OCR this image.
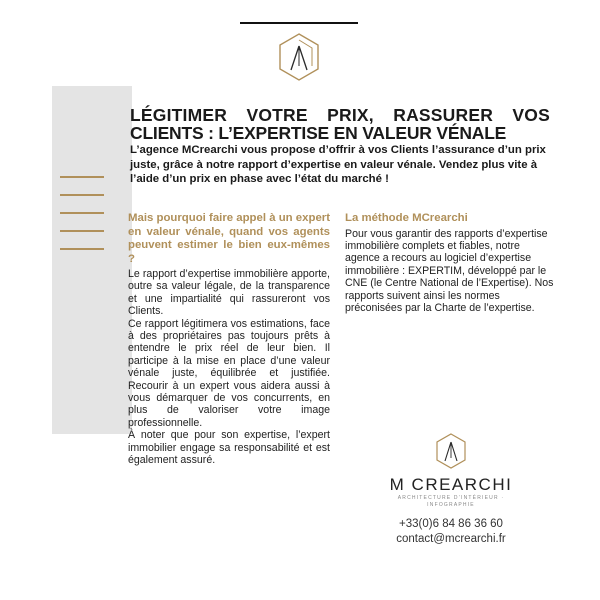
LÉGITIMER VOTRE PRIX, RASSURER VOS
CLIENTS : L’EXPERTISE EN VALEUR VÉNALE

L’agence MCrearchi vous propose d’offrir à vos Clients l’assurance d’un prix juste, grâce à notre rapport d’expertise en valeur vénale. Vendez plus vite à l’aide d’un prix en phase avec l’état du marché !

Mais pourquoi faire appel à un expert en valeur vénale, quand vos agents peuvent estimer le bien eux-mêmes ?

Le rapport d’expertise immobilière apporte, outre sa valeur légale, de la transparence et une impartialité qui rassureront vos Clients.

Ce rapport légitimera vos estimations, face à des propriétaires pas toujours prêts à entendre le prix réel de leur bien. Il participe à la mise en place d’une valeur vénale juste, équilibrée et justifiée. Recourir à un expert vous aidera aussi à vous démarquer de vos concurrents, en plus de valoriser votre image professionnelle.

À noter que pour son expertise, l’expert immobilier engage sa responsabilité et est également assuré.

La méthode MCrearchi

Pour vous garantir des rapports d’expertise immobilière complets et fiables, notre agence a recours au logiciel d’expertise immobilière : EXPERTIM, développé par le CNE (le Centre National de l’Expertise). Nos rapports suivent ainsi les normes préconisées par la Charte de l’expertise.

M CREARCHI

ARCHITECTURE D’INTÉRIEUR · INFOGRAPHIE

+33(0)6 84 86 36 60

contact@mcrearchi.fr
